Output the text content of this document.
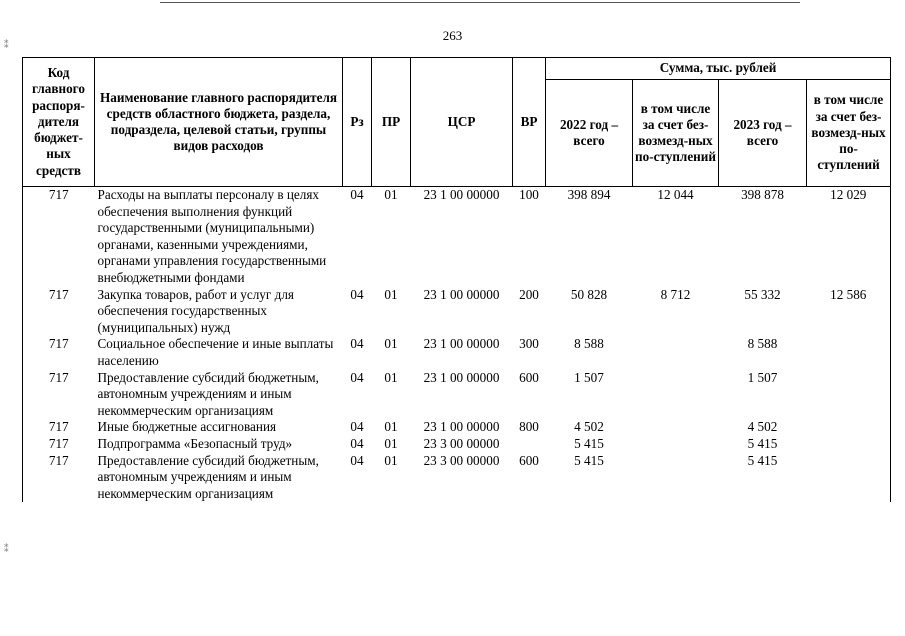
263
⁑
⁑
Код главного распоря-дителя бюджет-ных средств	Наименование главного распорядителя средств областного бюджета, раздела, подраздела, целевой статьи, группы видов расходов	Рз	ПР	ЦСР	ВР	Сумма, тыс. рублей			
						2022 год – всего	в том числе за счет без-возмезд-ных по-ступлений	2023 год – всего	в том числе за счет без-возмезд-ных по-ступлений
717	Расходы на выплаты персоналу в целях обеспечения выполнения функций государственными (муниципальными) органами, казенными учреждениями, органами управления государственными внебюджетными фондами	04	01	23 1 00 00000	100	398 894	12 044	398 878	12 029
717	Закупка товаров, работ и услуг для обеспечения государственных (муниципальных) нужд	04	01	23 1 00 00000	200	50 828	8 712	55 332	12 586
717	Социальное обеспечение и иные выплаты населению	04	01	23 1 00 00000	300	8 588		8 588	
717	Предоставление субсидий бюджетным, автономным учреждениям и иным некоммерческим организациям	04	01	23 1 00 00000	600	1 507		1 507	
717	Иные бюджетные ассигнования	04	01	23 1 00 00000	800	4 502		4 502	
717	Подпрограмма «Безопасный труд»	04	01	23 3 00 00000		5 415		5 415	
717	Предоставление субсидий бюджетным, автономным учреждениям и иным некоммерческим организациям	04	01	23 3 00 00000	600	5 415		5 415	
